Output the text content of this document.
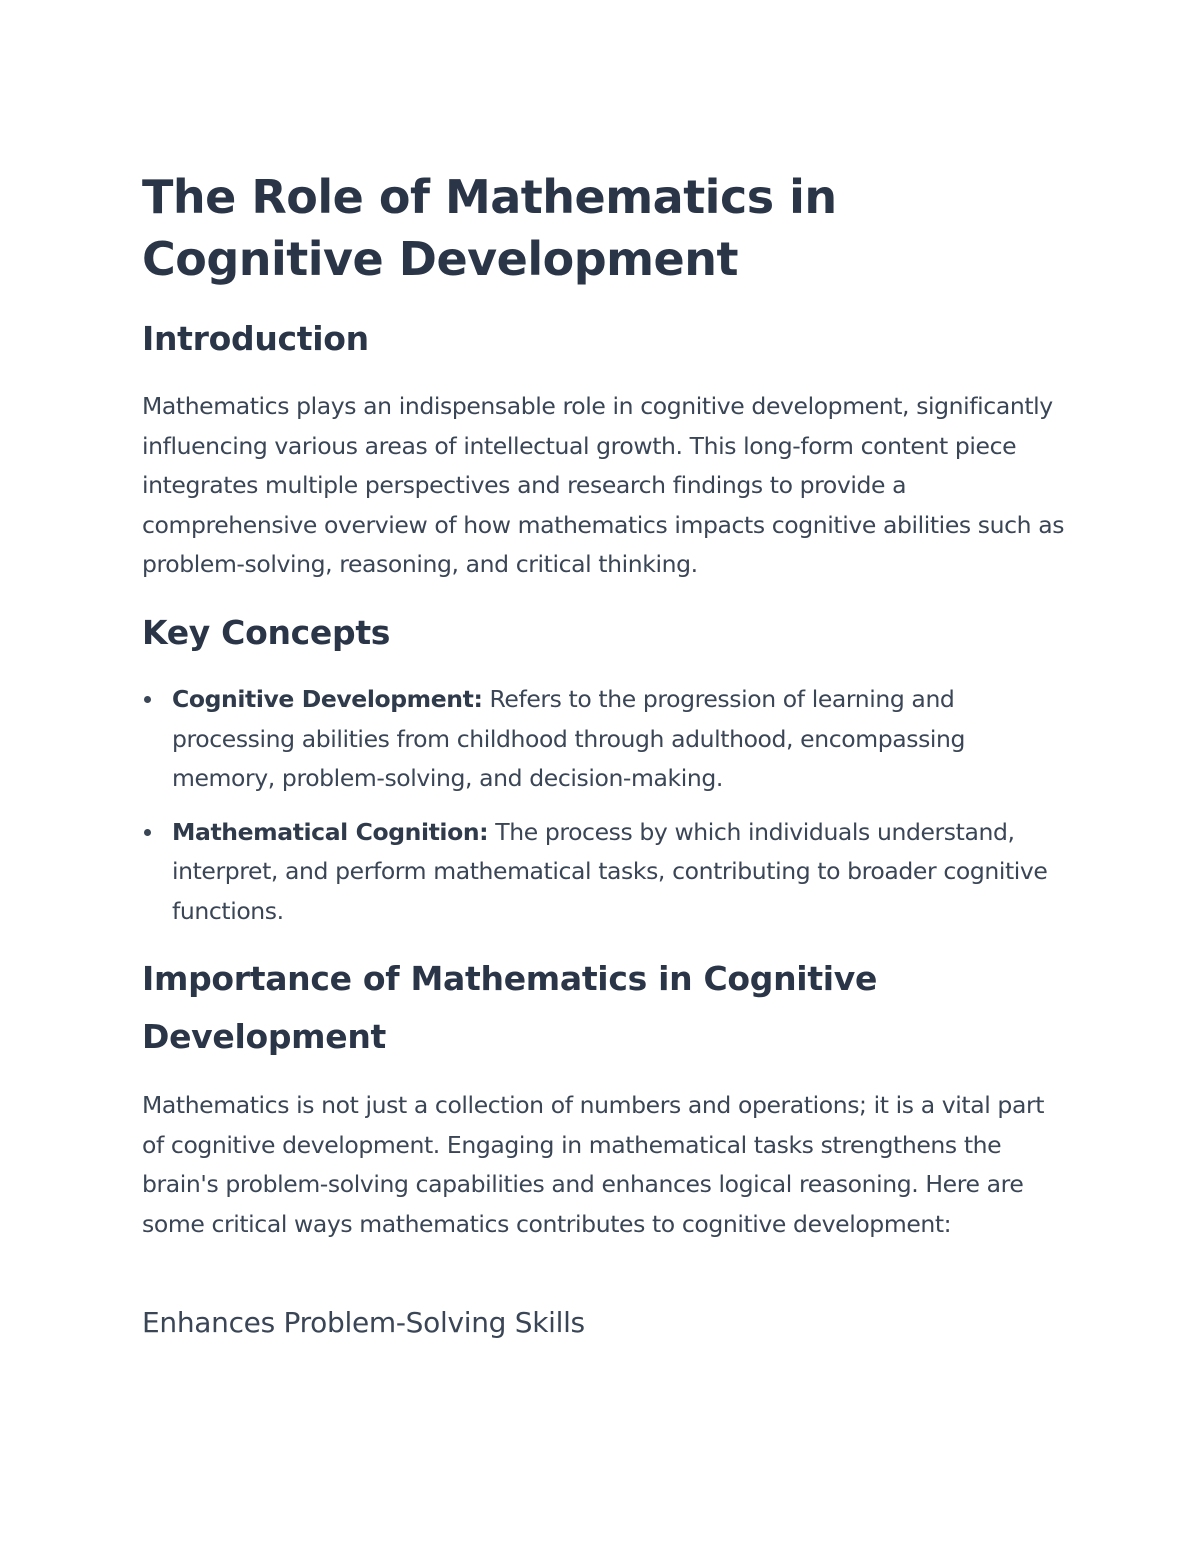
The Role of Mathematics in Cognitive Development
Introduction

Mathematics plays an indispensable role in cognitive development, significantly influencing various areas of intellectual growth. This long-form content piece integrates multiple perspectives and research findings to provide a comprehensive overview of how mathematics impacts cognitive abilities such as problem-solving, reasoning, and critical thinking.

Key Concepts
Cognitive Development: Refers to the progression of learning and processing abilities from childhood through adulthood, encompassing memory, problem-solving, and decision-making.
Mathematical Cognition: The process by which individuals understand, interpret, and perform mathematical tasks, contributing to broader cognitive functions.
Importance of Mathematics in Cognitive Development

Mathematics is not just a collection of numbers and operations; it is a vital part of cognitive development. Engaging in mathematical tasks strengthens the brain's problem-solving capabilities and enhances logical reasoning. Here are some critical ways mathematics contributes to cognitive development:

Enhances Problem-Solving Skills
